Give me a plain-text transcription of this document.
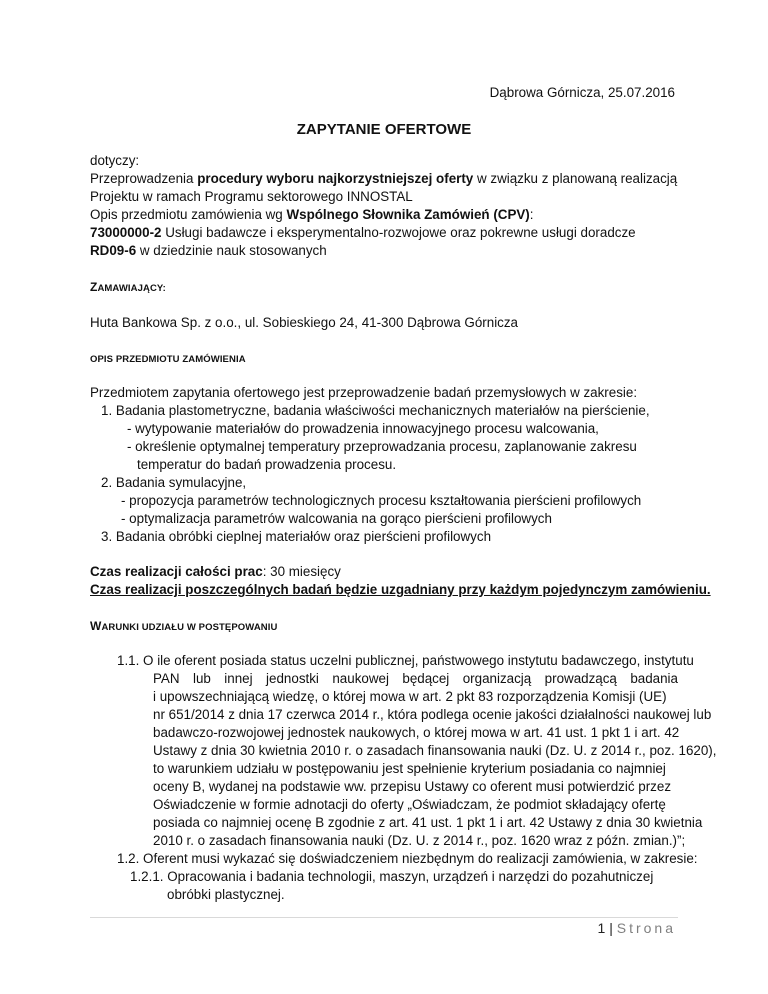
Dąbrowa Górnicza, 25.07.2016
ZAPYTANIE OFERTOWE
dotyczy:
Przeprowadzenia procedury wyboru najkorzystniejszej oferty w związku z planowaną realizacją
Projektu w ramach Programu sektorowego INNOSTAL
Opis przedmiotu zamówienia wg Wspólnego Słownika Zamówień (CPV):
73000000-2 Usługi badawcze i eksperymentalno-rozwojowe oraz pokrewne usługi doradcze
RD09-6 w dziedzinie nauk stosowanych
ZAMAWIAJĄCY:
Huta Bankowa Sp. z o.o., ul. Sobieskiego 24, 41-300 Dąbrowa Górnicza
OPIS PRZEDMIOTU ZAMÓWIENIA
Przedmiotem zapytania ofertowego jest przeprowadzenie badań przemysłowych w zakresie:
1. Badania plastometryczne, badania właściwości mechanicznych materiałów na pierścienie,
- wytypowanie materiałów do prowadzenia innowacyjnego procesu walcowania,
- określenie optymalnej temperatury przeprowadzania procesu, zaplanowanie zakresu
temperatur do badań prowadzenia procesu.
2. Badania symulacyjne,
- propozycja parametrów technologicznych procesu kształtowania pierścieni profilowych
- optymalizacja parametrów walcowania na gorąco pierścieni profilowych
3. Badania obróbki cieplnej materiałów oraz pierścieni profilowych
Czas realizacji całości prac: 30 miesięcy
Czas realizacji poszczególnych badań będzie uzgadniany przy każdym pojedynczym zamówieniu.
WARUNKI UDZIAŁU W POSTĘPOWANIU
1.1. O ile oferent posiada status uczelni publicznej, państwowego instytutu badawczego, instytutu
PAN lub innej jednostki naukowej będącej organizacją prowadzącą badania
i upowszechniającą wiedzę, o której mowa w art. 2 pkt 83 rozporządzenia Komisji (UE)
nr 651/2014 z dnia 17 czerwca 2014 r., która podlega ocenie jakości działalności naukowej lub
badawczo-rozwojowej jednostek naukowych, o której mowa w art. 41 ust. 1 pkt 1 i art. 42
Ustawy z dnia 30 kwietnia 2010 r. o zasadach finansowania nauki (Dz. U. z 2014 r., poz. 1620),
to warunkiem udziału w postępowaniu jest spełnienie kryterium posiadania co najmniej
oceny B, wydanej na podstawie ww. przepisu Ustawy co oferent musi potwierdzić przez
Oświadczenie w formie adnotacji do oferty „Oświadczam, że podmiot składający ofertę
posiada co najmniej ocenę B zgodnie z art. 41 ust. 1 pkt 1 i art. 42 Ustawy z dnia 30 kwietnia
2010 r. o zasadach finansowania nauki (Dz. U. z 2014 r., poz. 1620 wraz z późn. zmian.)”;
1.2. Oferent musi wykazać się doświadczeniem niezbędnym do realizacji zamówienia, w zakresie:
1.2.1. Opracowania i badania technologii, maszyn, urządzeń i narzędzi do pozahutniczej
obróbki plastycznej.
1 | Strona
